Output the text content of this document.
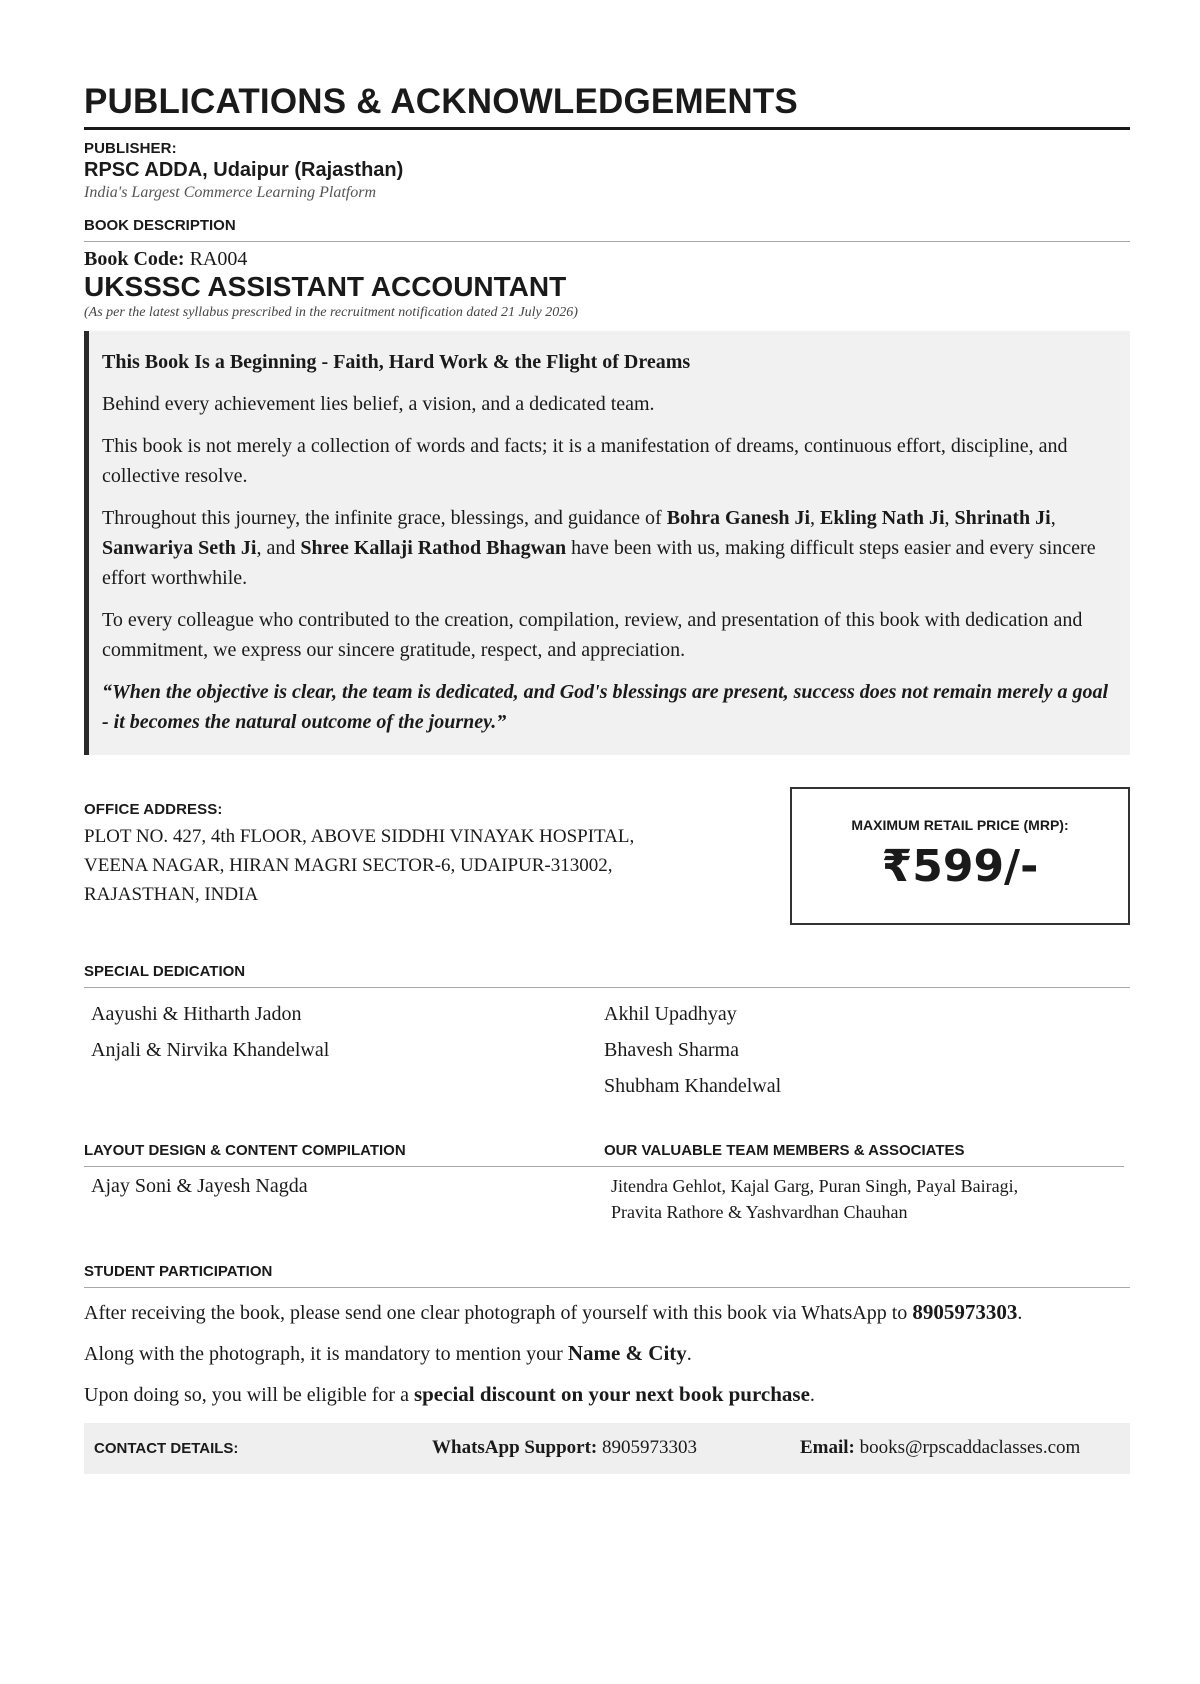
PUBLICATIONS & ACKNOWLEDGEMENTS
PUBLISHER:
RPSC ADDA, Udaipur (Rajasthan)
India's Largest Commerce Learning Platform
BOOK DESCRIPTION
Book Code: RA004
UKSSSC ASSISTANT ACCOUNTANT
(As per the latest syllabus prescribed in the recruitment notification dated 21 July 2026)

This Book Is a Beginning - Faith, Hard Work & the Flight of Dreams

Behind every achievement lies belief, a vision, and a dedicated team.

This book is not merely a collection of words and facts; it is a manifestation of dreams, continuous effort, discipline, and collective resolve.

Throughout this journey, the infinite grace, blessings, and guidance of Bohra Ganesh Ji, Ekling Nath Ji, Shrinath Ji, Sanwariya Seth Ji, and Shree Kallaji Rathod Bhagwan have been with us, making difficult steps easier and every sincere effort worthwhile.

To every colleague who contributed to the creation, compilation, review, and presentation of this book with dedication and commitment, we express our sincere gratitude, respect, and appreciation.

“When the objective is clear, the team is dedicated, and God's blessings are present, success does not remain merely a goal - it becomes the natural outcome of the journey.”

OFFICE ADDRESS:
PLOT NO. 427, 4th FLOOR, ABOVE SIDDHI VINAYAK HOSPITAL,
VEENA NAGAR, HIRAN MAGRI SECTOR-6, UDAIPUR-313002,
RAJASTHAN, INDIA
MAXIMUM RETAIL PRICE (MRP):
₹599/-
SPECIAL DEDICATION
Aayushi & Hitharth Jadon
Anjali & Nirvika Khandelwal
Akhil Upadhyay
Bhavesh Sharma
Shubham Khandelwal
LAYOUT DESIGN & CONTENT COMPILATION
Ajay Soni & Jayesh Nagda
OUR VALUABLE TEAM MEMBERS & ASSOCIATES
Jitendra Gehlot, Kajal Garg, Puran Singh, Payal Bairagi,
Pravita Rathore & Yashvardhan Chauhan
STUDENT PARTICIPATION

After receiving the book, please send one clear photograph of yourself with this book via WhatsApp to 8905973303.

Along with the photograph, it is mandatory to mention your Name & City.

Upon doing so, you will be eligible for a special discount on your next book purchase.

CONTACT DETAILS:	WhatsApp Support: 8905973303	Email: books@rpscaddaclasses.com
